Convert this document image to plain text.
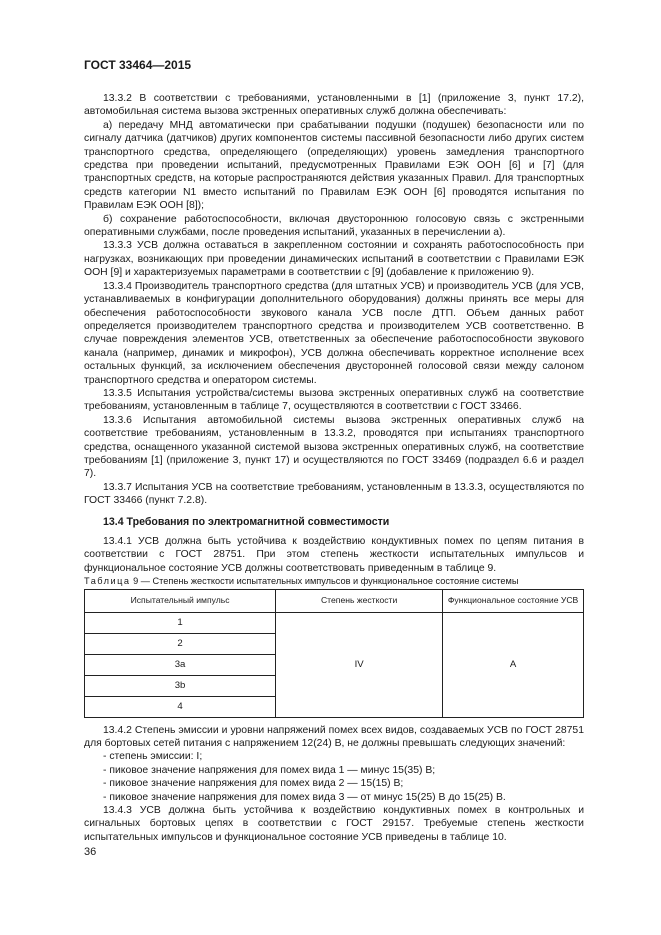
ГОСТ 33464—2015

13.3.2 В соответствии с требованиями, установленными в [1] (приложение 3, пункт 17.2), автомобильная система вызова экстренных оперативных служб должна обеспечивать:

а) передачу МНД автоматически при срабатывании подушки (подушек) безопасности или по сигналу датчика (датчиков) других компонентов системы пассивной безопасности либо других систем транспортного средства, определяющего (определяющих) уровень замедления транспортного средства при проведении испытаний, предусмотренных Правилами ЕЭК ООН [6] и [7] (для транспортных средств, на которые распространяются действия указанных Правил. Для транспортных средств категории N1 вместо испытаний по Правилам ЕЭК ООН [6] проводятся испытания по Правилам ЕЭК ООН [8]);

б) сохранение работоспособности, включая двустороннюю голосовую связь с экстренными оперативными службами, после проведения испытаний, указанных в перечислении а).

13.3.3 УСВ должна оставаться в закрепленном состоянии и сохранять работоспособность при нагрузках, возникающих при проведении динамических испытаний в соответствии с Правилами ЕЭК ООН [9] и характеризуемых параметрами в соответствии с [9] (добавление к приложению 9).

13.3.4 Производитель транспортного средства (для штатных УСВ) и производитель УСВ (для УСВ, устанавливаемых в конфигурации дополнительного оборудования) должны принять все меры для обеспечения работоспособности звукового канала УСВ после ДТП. Объем данных работ определяется производителем транспортного средства и производителем УСВ соответственно. В случае повреждения элементов УСВ, ответственных за обеспечение работоспособности звукового канала (например, динамик и микрофон), УСВ должна обеспечивать корректное исполнение всех остальных функций, за исключением обеспечения двусторонней голосовой связи между салоном транспортного средства и оператором системы.

13.3.5 Испытания устройства/системы вызова экстренных оперативных служб на соответствие требованиям, установленным в таблице 7, осуществляются в соответствии с ГОСТ 33466.

13.3.6 Испытания автомобильной системы вызова экстренных оперативных служб на соответствие требованиям, установленным в 13.3.2, проводятся при испытаниях транспортного средства, оснащенного указанной системой вызова экстренных оперативных служб, на соответствие требованиям [1] (приложение 3, пункт 17) и осуществляются по ГОСТ 33469 (подраздел 6.6 и раздел 7).

13.3.7 Испытания УСВ на соответствие требованиям, установленным в 13.3.3, осуществляются по ГОСТ 33466 (пункт 7.2.8).

13.4 Требования по электромагнитной совместимости

13.4.1 УСВ должна быть устойчива к воздействию кондуктивных помех по цепям питания в соответствии с ГОСТ 28751. При этом степень жесткости испытательных импульсов и функциональное состояние УСВ должны соответствовать приведенным в таблице 9.

Таблица 9 — Степень жесткости испытательных импульсов и функциональное состояние системы

Испытательный импульс	Степень жесткости	Функциональное состояние УСВ
1	IV	A
2		
3a		
3b		
4		

13.4.2 Степень эмиссии и уровни напряжений помех всех видов, создаваемых УСВ по ГОСТ 28751 для бортовых сетей питания с напряжением 12(24) В, не должны превышать следующих значений:

- степень эмиссии: I;

- пиковое значение напряжения для помех вида 1 — минус 15(35) В;

- пиковое значение напряжения для помех вида 2 — 15(15) В;

- пиковое значение напряжения для помех вида 3 — от минус 15(25) В до 15(25) В.

13.4.3 УСВ должна быть устойчива к воздействию кондуктивных помех в контрольных и сигнальных бортовых цепях в соответствии с ГОСТ 29157. Требуемые степень жесткости испытательных импульсов и функциональное состояние УСВ приведены в таблице 10.

36
